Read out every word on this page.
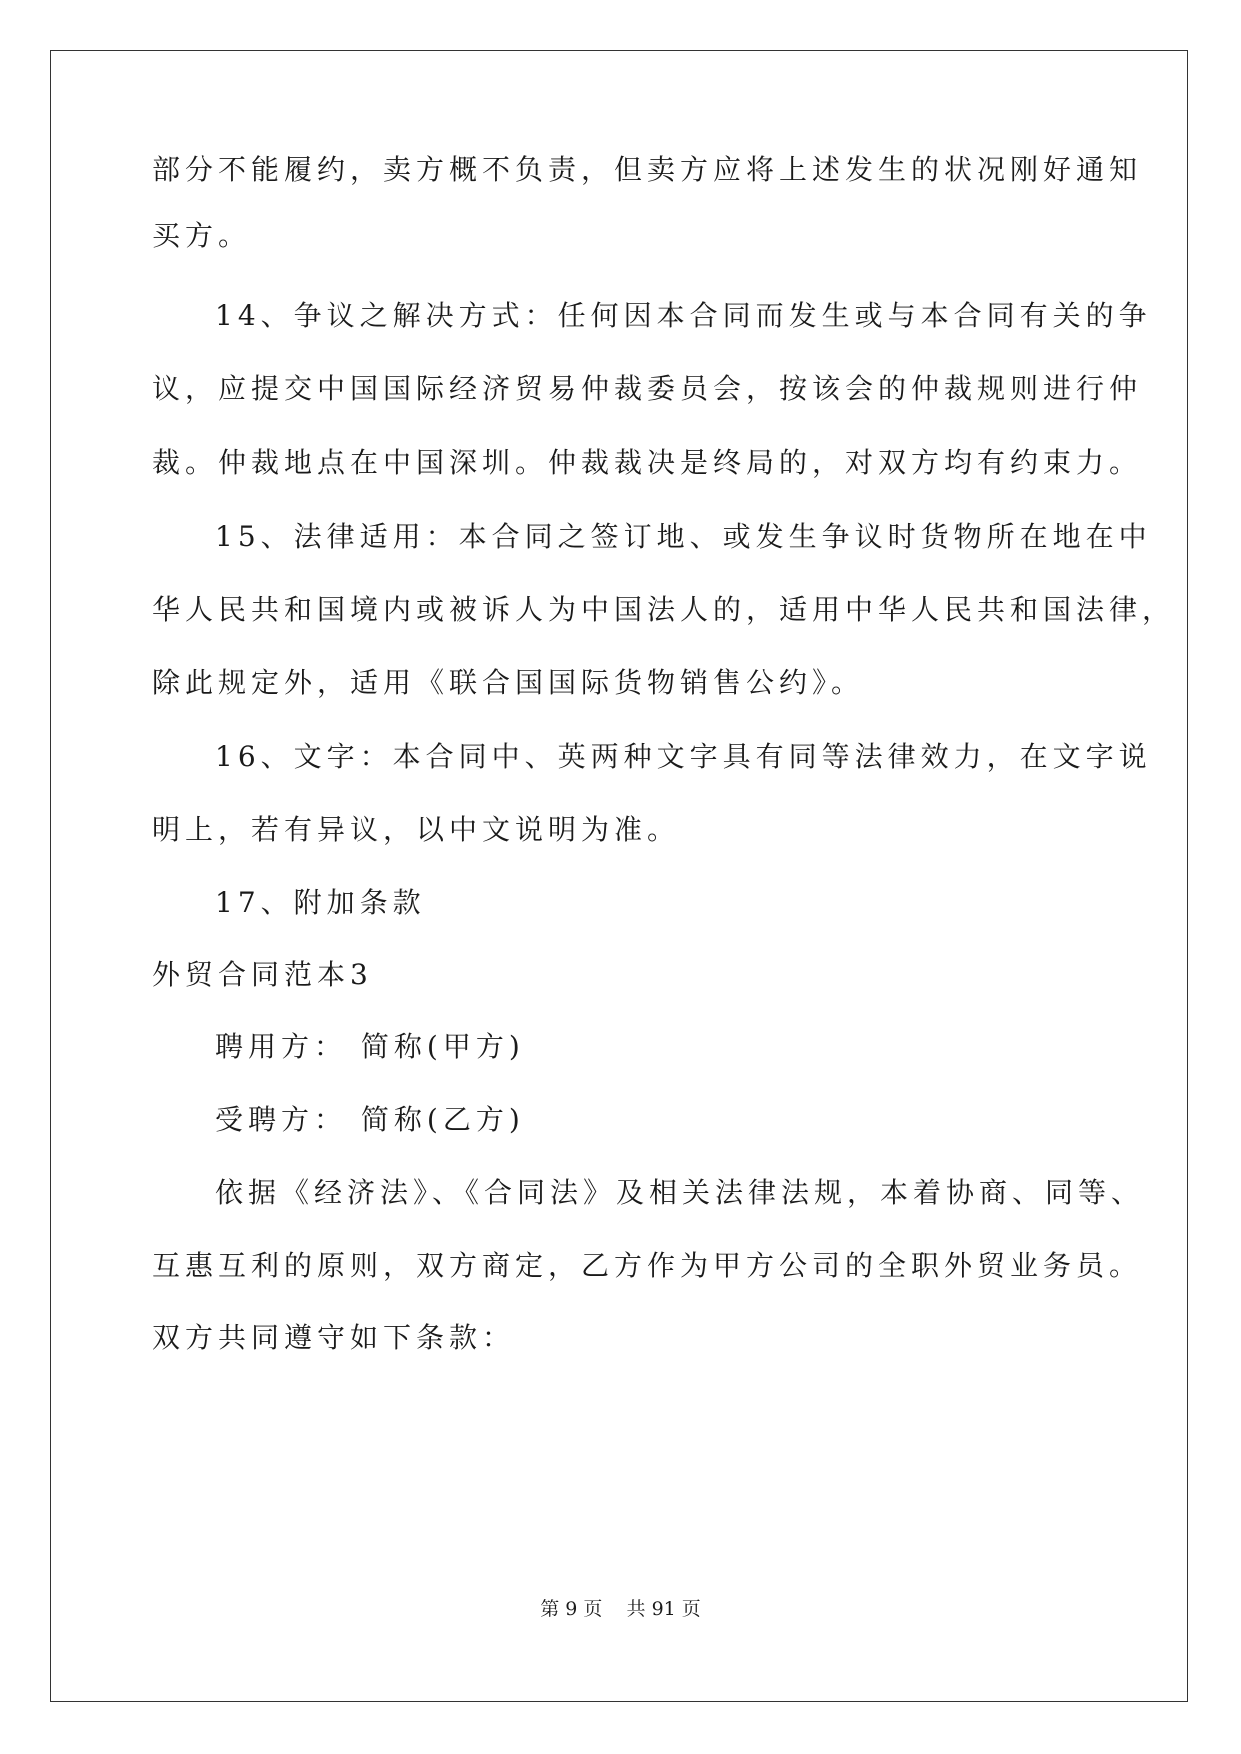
部分不能履约，卖方概不负责，但卖方应将上述发生的状况刚好通知
买方。
14、争议之解决方式：任何因本合同而发生或与本合同有关的争
议，应提交中国国际经济贸易仲裁委员会，按该会的仲裁规则进行仲
裁。仲裁地点在中国深圳。仲裁裁决是终局的，对双方均有约束力。
15、法律适用：本合同之签订地、或发生争议时货物所在地在中
华人民共和国境内或被诉人为中国法人的，适用中华人民共和国法律，
除此规定外，适用《联合国国际货物销售公约》。
16、文字：本合同中、英两种文字具有同等法律效力，在文字说
明上，若有异议，以中文说明为准。
17、附加条款
外贸合同范本3
聘用方： 简称(甲方)
受聘方： 简称(乙方)
依据《经济法》、《合同法》及相关法律法规，本着协商、同等、
互惠互利的原则，双方商定，乙方作为甲方公司的全职外贸业务员。
双方共同遵守如下条款：
第 9 页    共 91 页
